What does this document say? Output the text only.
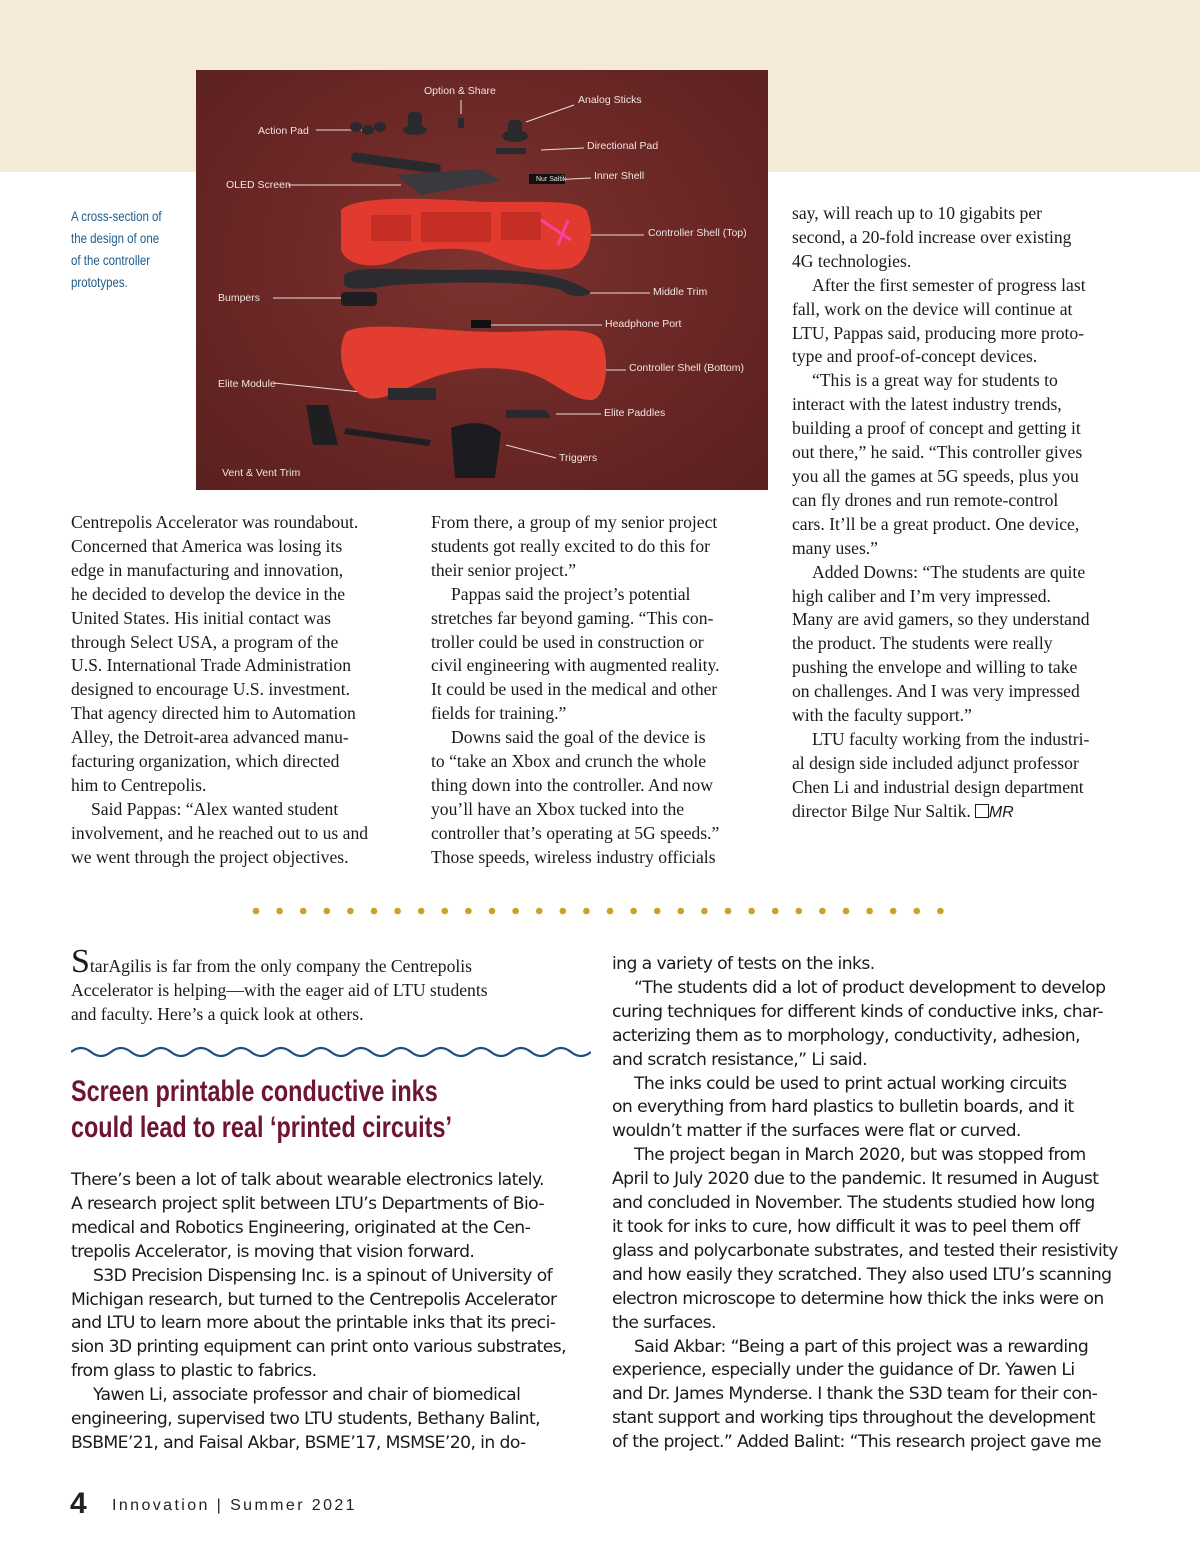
Option & Share
Analog Sticks
Action Pad
Directional Pad
Nur Saltik	Inner Shell
OLED Screen
Controller Shell (Top)
Bumpers	Middle Trim
Headphone Port
Controller Shell (Bottom)
Elite Module
Elite Paddles
Triggers
Vent & Vent Trim
A cross-section of
the design of one
of the controller
prototypes.
Centrepolis Accelerator was roundabout.
Concerned that America was losing its
edge in manufacturing and innovation,
he decided to develop the device in the
United States. His initial contact was
through Select USA, a program of the
U.S. International Trade Administration
designed to encourage U.S. investment.
That agency directed him to Automation
Alley, the Detroit-area advanced manu-
facturing organization, which directed
him to Centrepolis.
Said Pappas: “Alex wanted student
involvement, and he reached out to us and
we went through the project objectives.
From there, a group of my senior project
students got really excited to do this for
their senior project.”
Pappas said the project’s potential
stretches far beyond gaming. “This con-
troller could be used in construction or
civil engineering with augmented reality.
It could be used in the medical and other
fields for training.”
Downs said the goal of the device is
to “take an Xbox and crunch the whole
thing down into the controller. And now
you’ll have an Xbox tucked into the
controller that’s operating at 5G speeds.”
Those speeds, wireless industry officials
say, will reach up to 10 gigabits per
second, a 20-fold increase over existing
4G technologies.
After the first semester of progress last
fall, work on the device will continue at
LTU, Pappas said, producing more proto-
type and proof-of-concept devices.
“This is a great way for students to
interact with the latest industry trends,
building a proof of concept and getting it
out there,” he said. “This controller gives
you all the games at 5G speeds, plus you
can fly drones and run remote-control
cars. It’ll be a great product. One device,
many uses.”
Added Downs: “The students are quite
high caliber and I’m very impressed.
Many are avid gamers, so they understand
the product. The students were really
pushing the envelope and willing to take
on challenges. And I was very impressed
with the faculty support.”
LTU faculty working from the industri-
al design side included adjunct professor
Chen Li and industrial design department
director Bilge Nur Saltik. MR
StarAgilis is far from the only company the Centrepolis
Accelerator is helping—with the eager aid of LTU students
and faculty. Here’s a quick look at others.
Screen printable conductive inks
could lead to real ‘printed circuits’
There’s been a lot of talk about wearable electronics lately.
A research project split between LTU’s Departments of Bio-
medical and Robotics Engineering, originated at the Cen-
trepolis Accelerator, is moving that vision forward.
S3D Precision Dispensing Inc. is a spinout of University of
Michigan research, but turned to the Centrepolis Accelerator
and LTU to learn more about the printable inks that its preci-
sion 3D printing equipment can print onto various substrates,
from glass to plastic to fabrics.
Yawen Li, associate professor and chair of biomedical
engineering, supervised two LTU students, Bethany Balint,
BSBME’21, and Faisal Akbar, BSME’17, MSMSE’20, in do-
ing a variety of tests on the inks.
“The students did a lot of product development to develop
curing techniques for different kinds of conductive inks, char-
acterizing them as to morphology, conductivity, adhesion,
and scratch resistance,” Li said.
The inks could be used to print actual working circuits
on everything from hard plastics to bulletin boards, and it
wouldn’t matter if the surfaces were flat or curved.
The project began in March 2020, but was stopped from
April to July 2020 due to the pandemic. It resumed in August
and concluded in November. The students studied how long
it took for inks to cure, how difficult it was to peel them off
glass and polycarbonate substrates, and tested their resistivity
and how easily they scratched. They also used LTU’s scanning
electron microscope to determine how thick the inks were on
the surfaces.
Said Akbar: “Being a part of this project was a rewarding
experience, especially under the guidance of Dr. Yawen Li
and Dr. James Mynderse. I thank the S3D team for their con-
stant support and working tips throughout the development
of the project.” Added Balint: “This research project gave me
4 Innovation | Summer 2021
